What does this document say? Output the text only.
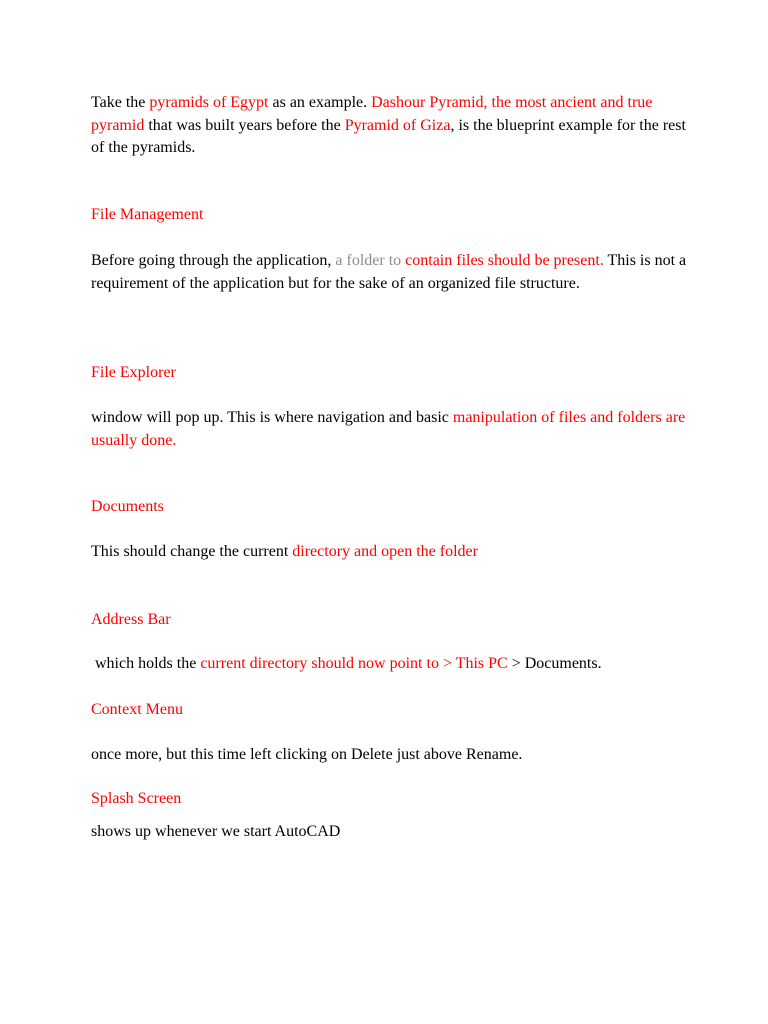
Take the pyramids of Egypt as an example. Dashour Pyramid, the most ancient and true pyramid that was built years before the Pyramid of Giza, is the blueprint example for the rest of the pyramids.

File Management

Before going through the application, a folder to contain files should be present. This is not a requirement of the application but for the sake of an organized file structure.

File Explorer

window will pop up. This is where navigation and basic manipulation of files and folders are usually done.

Documents

This should change the current directory and open the folder

Address Bar

which holds the current directory should now point to > This PC > Documents.

Context Menu

once more, but this time left clicking on Delete just above Rename.

Splash Screen

shows up whenever we start AutoCAD
